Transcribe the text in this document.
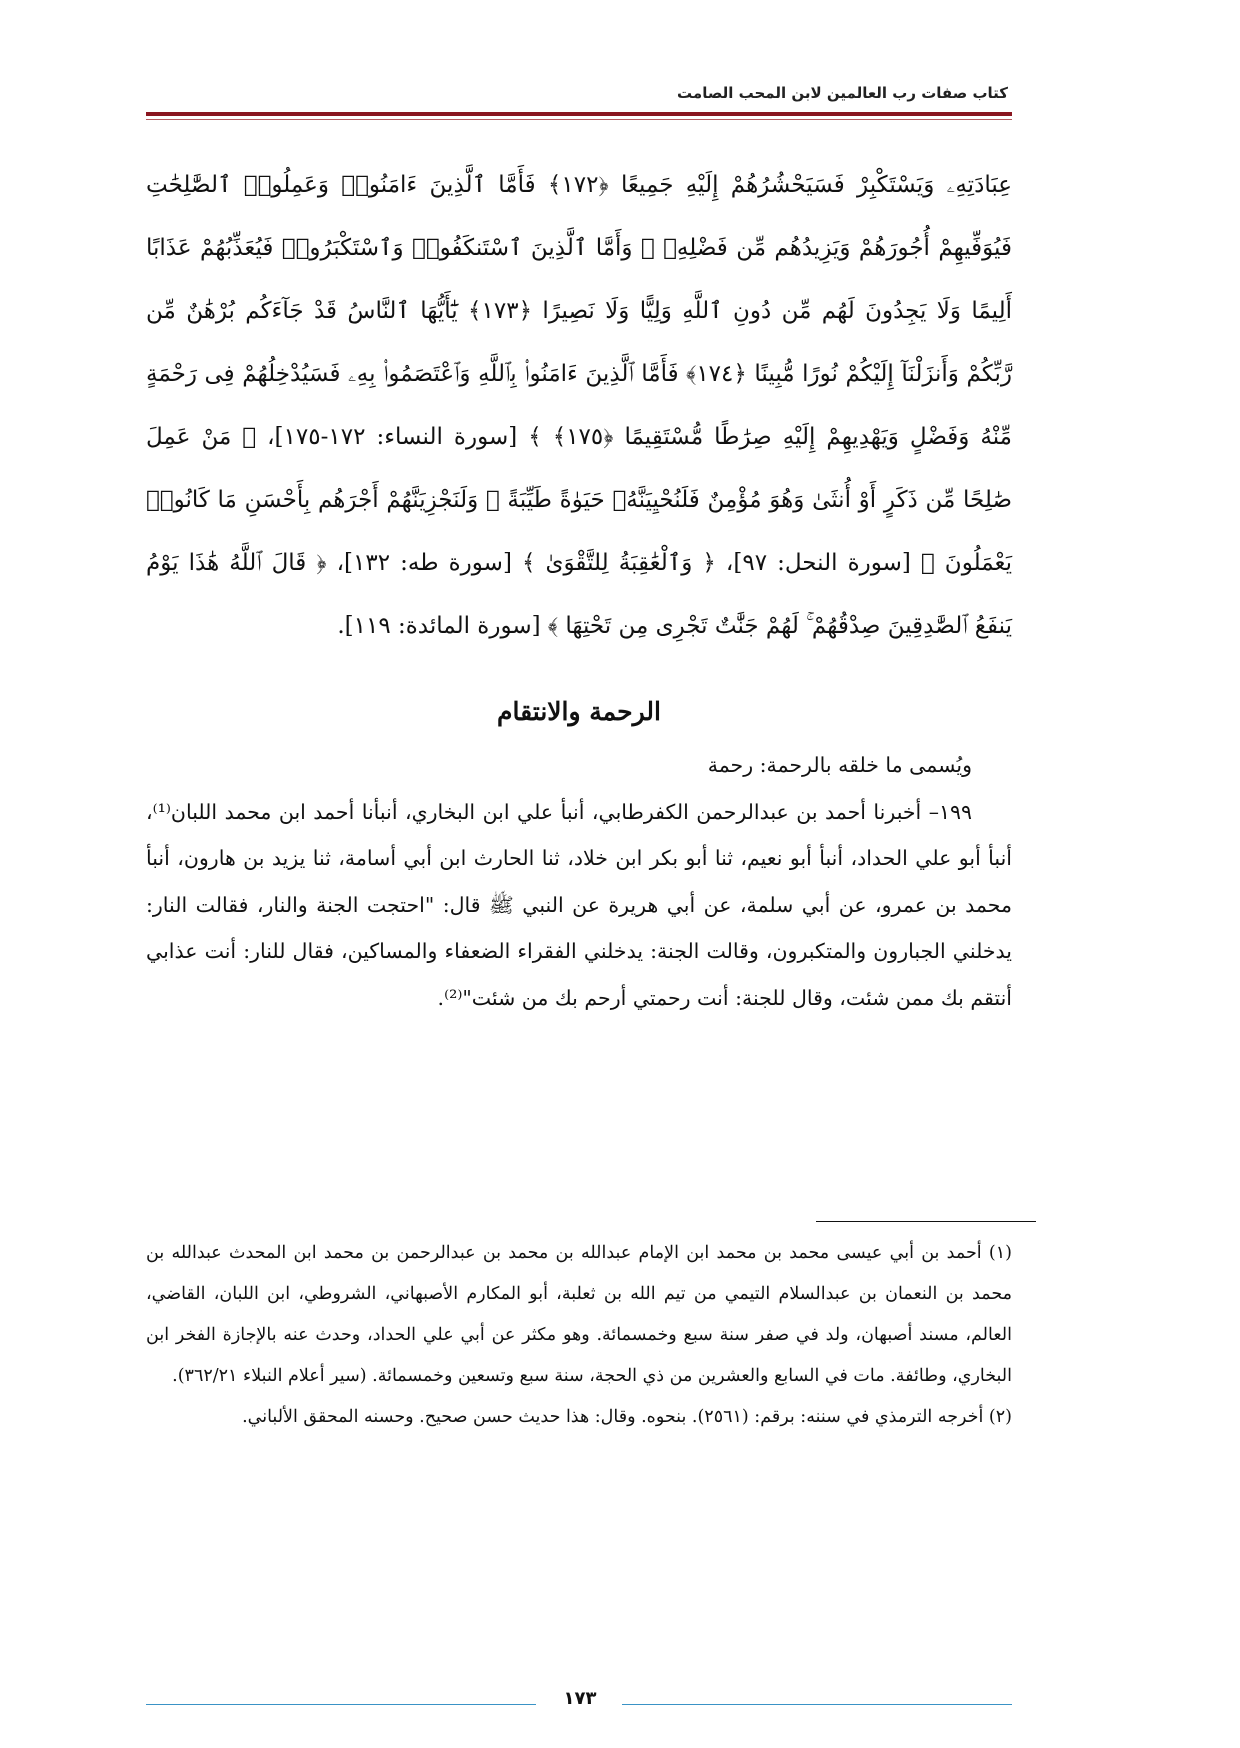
كتاب صفات رب العالمين لابن المحب الصامت
عِبَادَتِهِۦ وَيَسْتَكْبِرْ فَسَيَحْشُرُهُمْ إِلَيْهِ جَمِيعًا ﴿١٧٢﴾ فَأَمَّا ٱلَّذِينَ ءَامَنُوا۟ وَعَمِلُوا۟ ٱلصَّٰلِحَٰتِ فَيُوَفِّيهِمْ أُجُورَهُمْ وَيَزِيدُهُم مِّن فَضْلِهِۦ ۖ وَأَمَّا ٱلَّذِينَ ٱسْتَنكَفُوا۟ وَٱسْتَكْبَرُوا۟ فَيُعَذِّبُهُمْ عَذَابًا أَلِيمًا وَلَا يَجِدُونَ لَهُم مِّن دُونِ ٱللَّهِ وَلِيًّا وَلَا نَصِيرًا ﴿١٧٣﴾ يَٰٓأَيُّهَا ٱلنَّاسُ قَدْ جَآءَكُم بُرْهَٰنٌ مِّن رَّبِّكُمْ وَأَنزَلْنَآ إِلَيْكُمْ نُورًا مُّبِينًا ﴿١٧٤﴾ فَأَمَّا ٱلَّذِينَ ءَامَنُوا۟ بِٱللَّهِ وَٱعْتَصَمُوا۟ بِهِۦ فَسَيُدْخِلُهُمْ فِى رَحْمَةٍ مِّنْهُ وَفَضْلٍ وَيَهْدِيهِمْ إِلَيْهِ صِرَٰطًا مُّسْتَقِيمًا ﴿١٧٥﴾ ﴾ [سورة النساء: ١٧٢-١٧٥]، ﴿ مَنْ عَمِلَ صَٰلِحًا مِّن ذَكَرٍ أَوْ أُنثَىٰ وَهُوَ مُؤْمِنٌ فَلَنُحْيِيَنَّهُۥ حَيَوٰةً طَيِّبَةً ۖ وَلَنَجْزِيَنَّهُمْ أَجْرَهُم بِأَحْسَنِ مَا كَانُوا۟ يَعْمَلُونَ ﴾ [سورة النحل: ٩٧]، ﴿ وَٱلْعَٰقِبَةُ لِلتَّقْوَىٰ ﴾ [سورة طه: ١٣٢]، ﴿ قَالَ ٱللَّهُ هَٰذَا يَوْمُ يَنفَعُ ٱلصَّٰدِقِينَ صِدْقُهُمْ ۚ لَهُمْ جَنَّٰتٌ تَجْرِى مِن تَحْتِهَا ﴾ [سورة المائدة: ١١٩].
الرحمة والانتقام

ويُسمى ما خلقه بالرحمة: رحمة

١٩٩– أخبرنا أحمد بن عبدالرحمن الكفرطابي، أنبأ علي ابن البخاري، أنبأنا أحمد ابن محمد اللبان⁽¹⁾، أنبأ أبو علي الحداد، أنبأ أبو نعيم، ثنا أبو بكر ابن خلاد، ثنا الحارث ابن أبي أسامة، ثنا يزيد بن هارون، أنبأ محمد بن عمرو، عن أبي سلمة، عن أبي هريرة عن النبي ﷺ قال: "احتجت الجنة والنار، فقالت النار: يدخلني الجبارون والمتكبرون، وقالت الجنة: يدخلني الفقراء الضعفاء والمساكين، فقال للنار: أنت عذابي أنتقم بك ممن شئت، وقال للجنة: أنت رحمتي أرحم بك من شئت"⁽²⁾.

(١) أحمد بن أبي عيسى محمد بن محمد ابن الإمام عبدالله بن محمد بن عبدالرحمن بن محمد ابن المحدث عبدالله بن محمد بن النعمان بن عبدالسلام التيمي من تيم الله بن ثعلبة، أبو المكارم الأصبهاني، الشروطي، ابن اللبان، القاضي، العالم، مسند أصبهان، ولد في صفر سنة سبع وخمسمائة. وهو مكثر عن أبي علي الحداد، وحدث عنه بالإجازة الفخر ابن البخاري، وطائفة. مات في السابع والعشرين من ذي الحجة، سنة سبع وتسعين وخمسمائة. (سير أعلام النبلاء ٣٦٢/٢١).

(٢) أخرجه الترمذي في سننه: برقم: (٢٥٦١). بنحوه. وقال: هذا حديث حسن صحيح. وحسنه المحقق الألباني.

١٧٣
